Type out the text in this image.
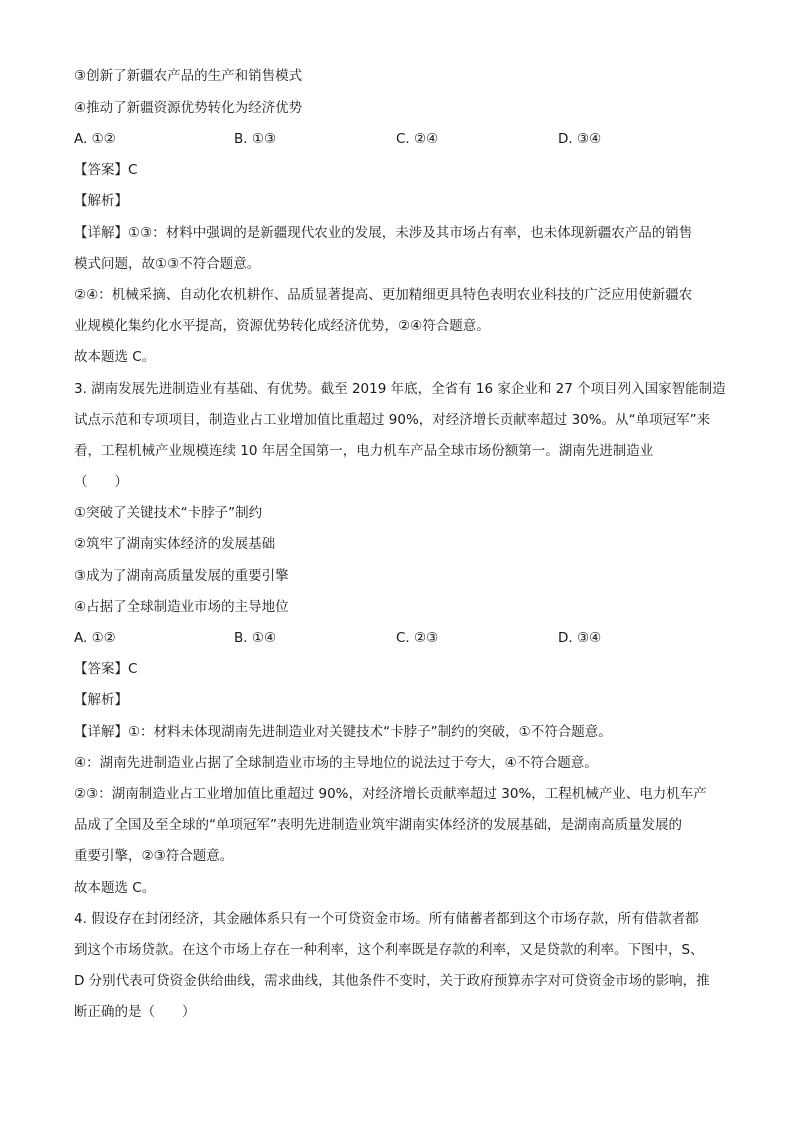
③创新了新疆农产品的生产和销售模式
④推动了新疆资源优势转化为经济优势
A. ①②	B. ①③	C. ②④	D. ③④
【答案】C
【解析】
【详解】①③：材料中强调的是新疆现代农业的发展，未涉及其市场占有率，也未体现新疆农产品的销售
模式问题，故①③不符合题意。
②④：机械采摘、自动化农机耕作、品质显著提高、更加精细更具特色表明农业科技的广泛应用使新疆农
业规模化集约化水平提高，资源优势转化成经济优势，②④符合题意。
故本题选 C。
3. 湖南发展先进制造业有基础、有优势。截至 2019 年底，全省有 16 家企业和 27 个项目列入国家智能制造
试点示范和专项项目，制造业占工业增加值比重超过 90%，对经济增长贡献率超过 30%。从“单项冠军”来
看，工程机械产业规模连续 10 年居全国第一，电力机车产品全球市场份额第一。湖南先进制造业
（　　）
①突破了关键技术“卡脖子”制约
②筑牢了湖南实体经济的发展基础
③成为了湖南高质量发展的重要引擎
④占据了全球制造业市场的主导地位
A. ①②	B. ①④	C. ②③	D. ③④
【答案】C
【解析】
【详解】①：材料未体现湖南先进制造业对关键技术“卡脖子”制约的突破，①不符合题意。
④：湖南先进制造业占据了全球制造业市场的主导地位的说法过于夸大，④不符合题意。
②③：湖南制造业占工业增加值比重超过 90%，对经济增长贡献率超过 30%，工程机械产业、电力机车产
品成了全国及至全球的“单项冠军”表明先进制造业筑牢湖南实体经济的发展基础，是湖南高质量发展的
重要引擎，②③符合题意。
故本题选 C。
4. 假设存在封闭经济，其金融体系只有一个可贷资金市场。所有储蓄者都到这个市场存款，所有借款者都
到这个市场贷款。在这个市场上存在一种利率，这个利率既是存款的利率，又是贷款的利率。下图中，S、
D 分别代表可贷资金供给曲线，需求曲线，其他条件不变时，关于政府预算赤字对可贷资金市场的影响，推
断正确的是（　　）
